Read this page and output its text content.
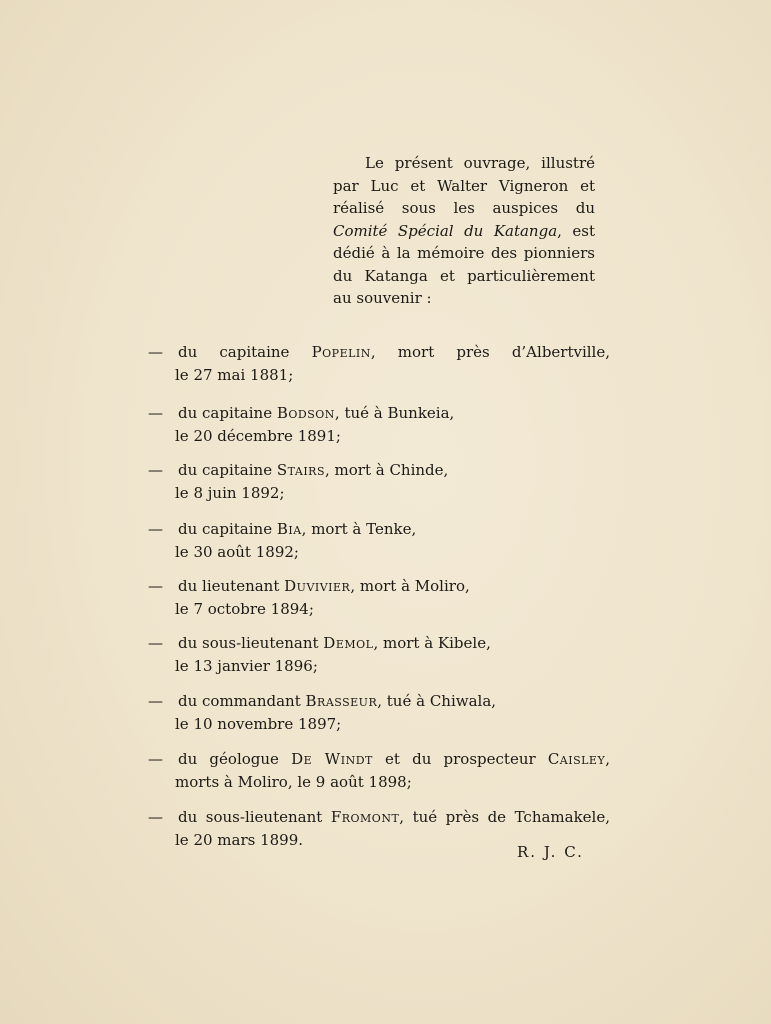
Le présent ouvrage, illustré
par Luc et Walter Vigneron et
réalisé sous les auspices du
Comité Spécial du Katanga, est
dédié à la mémoire des pionniers
du Katanga et particulièrement
au souvenir :
—	du capitaine Popelin, mort près d’Albertville,
le 27 mai 1881;
—	du capitaine Bodson, tué à Bunkeia,
le 20 décembre 1891;
—	du capitaine Stairs, mort à Chinde,
le 8 juin 1892;
—	du capitaine Bia, mort à Tenke,
le 30 août 1892;
—	du lieutenant Duvivier, mort à Moliro,
le 7 octobre 1894;
—	du sous-lieutenant Demol, mort à Kibele,
le 13 janvier 1896;
—	du commandant Brasseur, tué à Chiwala,
le 10 novembre 1897;
—	du géologue De Windt et du prospecteur Caisley,
morts à Moliro, le 9 août 1898;
—	du sous-lieutenant Fromont, tué près de Tchamakele,
le 20 mars 1899.
R. J. C.
